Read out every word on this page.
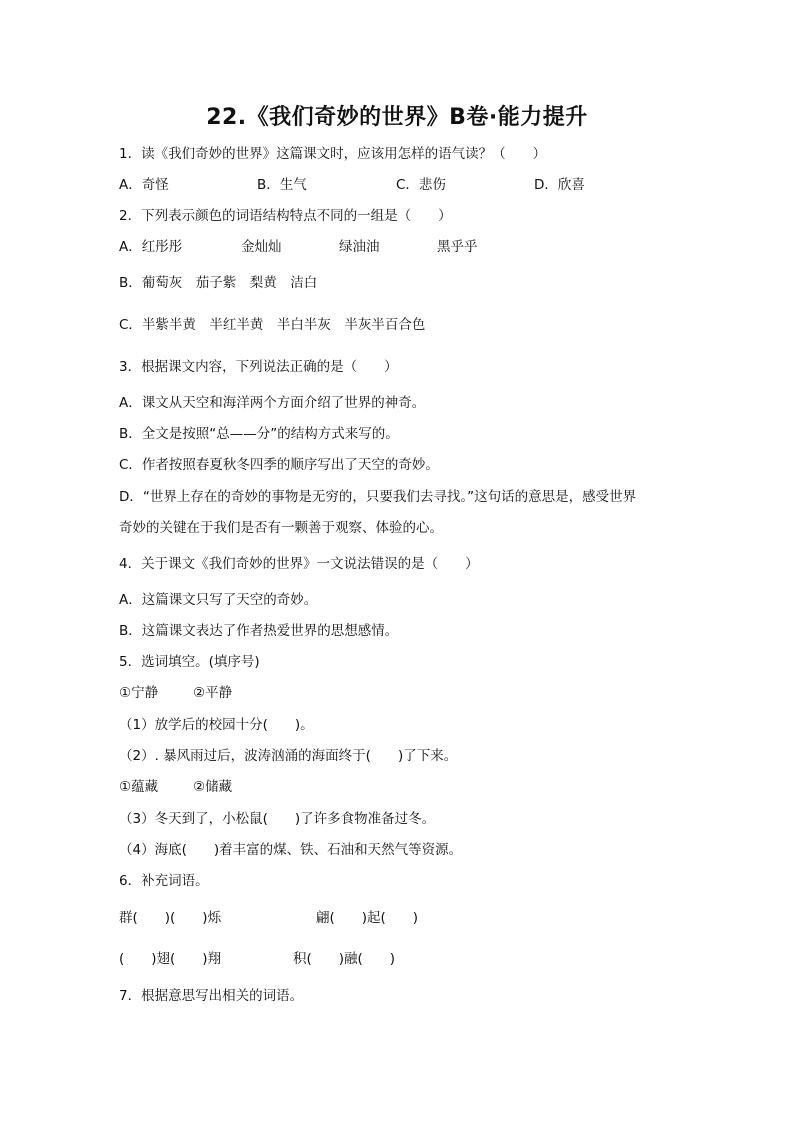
22.《我们奇妙的世界》B卷·能力提升
1．读《我们奇妙的世界》这篇课文时，应该用怎样的语气读？（　　）
A．奇怪	B．生气	C．悲伤	D．欣喜
2．下列表示颜色的词语结构特点不同的一组是（　　）
A．红彤彤	金灿灿	绿油油	黑乎乎
B．葡萄灰　茄子紫　梨黄　洁白
C．半紫半黄　半红半黄　半白半灰　半灰半百合色
3．根据课文内容，下列说法正确的是（　　）
A．课文从天空和海洋两个方面介绍了世界的神奇。
B．全文是按照“总——分”的结构方式来写的。
C．作者按照春夏秋冬四季的顺序写出了天空的奇妙。
D．“世界上存在的奇妙的事物是无穷的，只要我们去寻找。”这句话的意思是，感受世界
奇妙的关键在于我们是否有一颗善于观察、体验的心。
4．关于课文《我们奇妙的世界》一文说法错误的是（　　）
A．这篇课文只写了天空的奇妙。
B．这篇课文表达了作者热爱世界的思想感情。
5．选词填空。(填序号)
①宁静	②平静
（1）放学后的校园十分(　　)。
（2）. 暴风雨过后，波涛汹涌的海面终于(　　)了下来。
①蕴藏	②储藏
（3）冬天到了，小松鼠(　　)了许多食物准备过冬。
（4）海底(　　)着丰富的煤、铁、石油和天然气等资源。
6．补充词语。
群(　　)(　　)烁	翩(　　)起(　　)
(　　)翅(　　)翔	积(　　)融(　　)
7．根据意思写出相关的词语。
